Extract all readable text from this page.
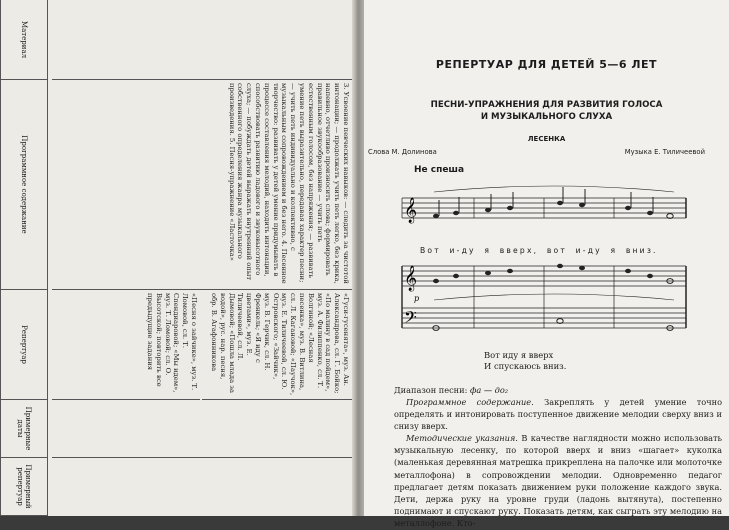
Материал
Программное содержание
Репертуар
Примерные даты
Примерный репертуар
3. Усвоение певческих навыков: — следить за чистотой интонации; — продолжать учить петь легко, без крика, напевно, отчетливо произносить слова; формировать правильное звукообразование — учить петь естественным голосом, без напряжения; — развивать умение петь выразительно, передавая характер песни; — учить петь индивидуально и коллективно, с музыкальным сопровождением и без него. 4. Песенное творчество: развивать у детей умение придумывать в процессе составления мелодий, находить интонации, способствовать развитию ладового и звуковысотного слуха; — побуждать детей выражать внутренний опыт собственного определения жанра музыкального произведения. 5. Песня-упражнение «Ласточка»
«Гуси-гусенята», муз. Ан. Александрова, сл. Г. Бойко; «По малину в сад пойдем», муз. А. Филиппенко, сл. Т. Волгиной; «Лесная песенка», муз. В. Витлина, сл. Л. Кагановой; «Паучок», муз. Е. Тиличеевой, сл. Ю. Островского; «Зайчик», муз. В. Герчик, сл. Н. Френкель; «Я иду с цветами», муз. Е. Тиличеевой, сл. Л. Дымовой; «Пошла млада за водой», рус. нар. песня, обр. В. Агафонникова
«Песня о зайчике», муз. Т. Ломовой, сл. Т. Спендиаровой; «Мы идем», муз. Т. Ломовой; сл. О. Высотской; повторить все предыдущие задания
РЕПЕРТУАР ДЛЯ ДЕТЕЙ 5—6 ЛЕТ
ПЕСНИ-УПРАЖНЕНИЯ ДЛЯ РАЗВИТИЯ ГОЛОСА
И МУЗЫКАЛЬНОГО СЛУХА
ЛЕСЕНКА
Слова М. Долинова	Музыка Е. Тиличеевой
Не спеша
𝄞
𝄞
𝄢
p
Вот и-ду я вверх, вот и-ду я вниз.
Вот иду я вверх
И спускаюсь вниз.
Диапазон песни: фа — до₂
Программное содержание. Закреплять у детей умение точно определять и интонировать поступенное движение мелодии сверху вниз и снизу вверх.
Методические указания. В качестве наглядности можно использовать музыкальную лесенку, по которой вверх и вниз «шагает» куколка (маленькая деревянная матрешка прикреплена на палочке или молоточке металлофона) в сопровождении мелодии. Одновременно педагог предлагает детям показать движением руки положение каждого звука. Дети, держа руку на уровне груди (ладонь вытянута), постепенно поднимают и спускают руку. Показать детям, как сыграть эту мелодию на металлофоне. Кто-
